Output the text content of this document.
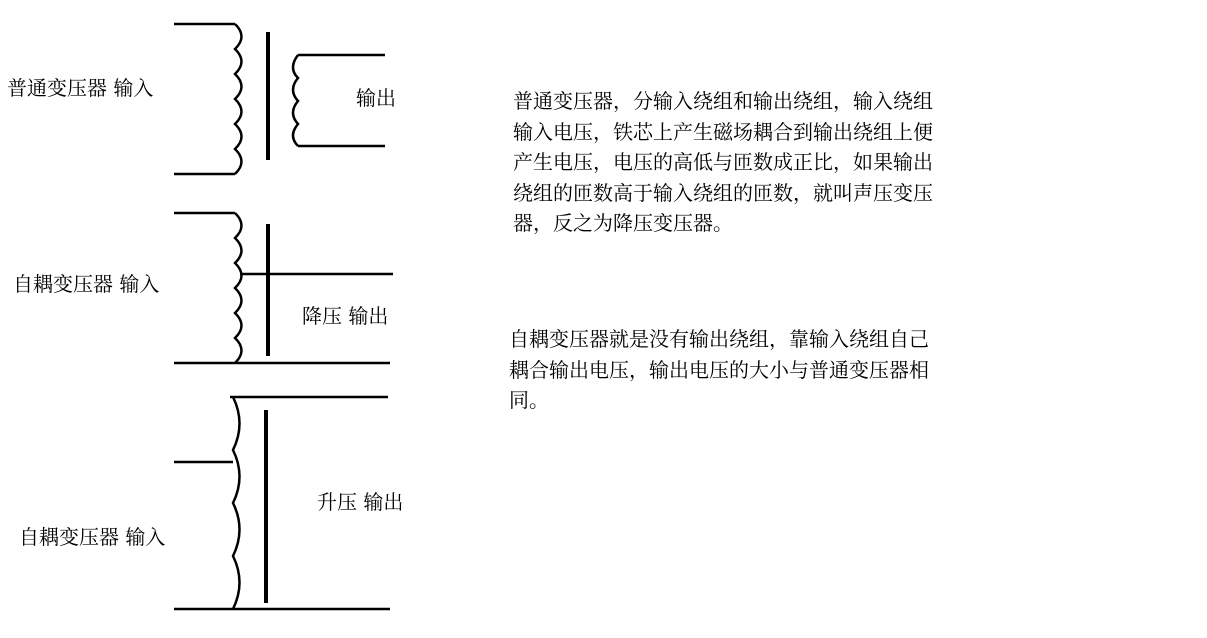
普通变压器 输入	输出
自耦变压器 输入
降压 输出
自耦变压器 输入
升压 输出
普通变压器，分输入绕组和输出绕组，输入绕组
输入电压，铁芯上产生磁场耦合到输出绕组上便
产生电压，电压的高低与匝数成正比，如果输出
绕组的匝数高于输入绕组的匝数，就叫声压变压
器，反之为降压变压器。
自耦变压器就是没有输出绕组，靠输入绕组自己
耦合输出电压，输出电压的大小与普通变压器相
同。
